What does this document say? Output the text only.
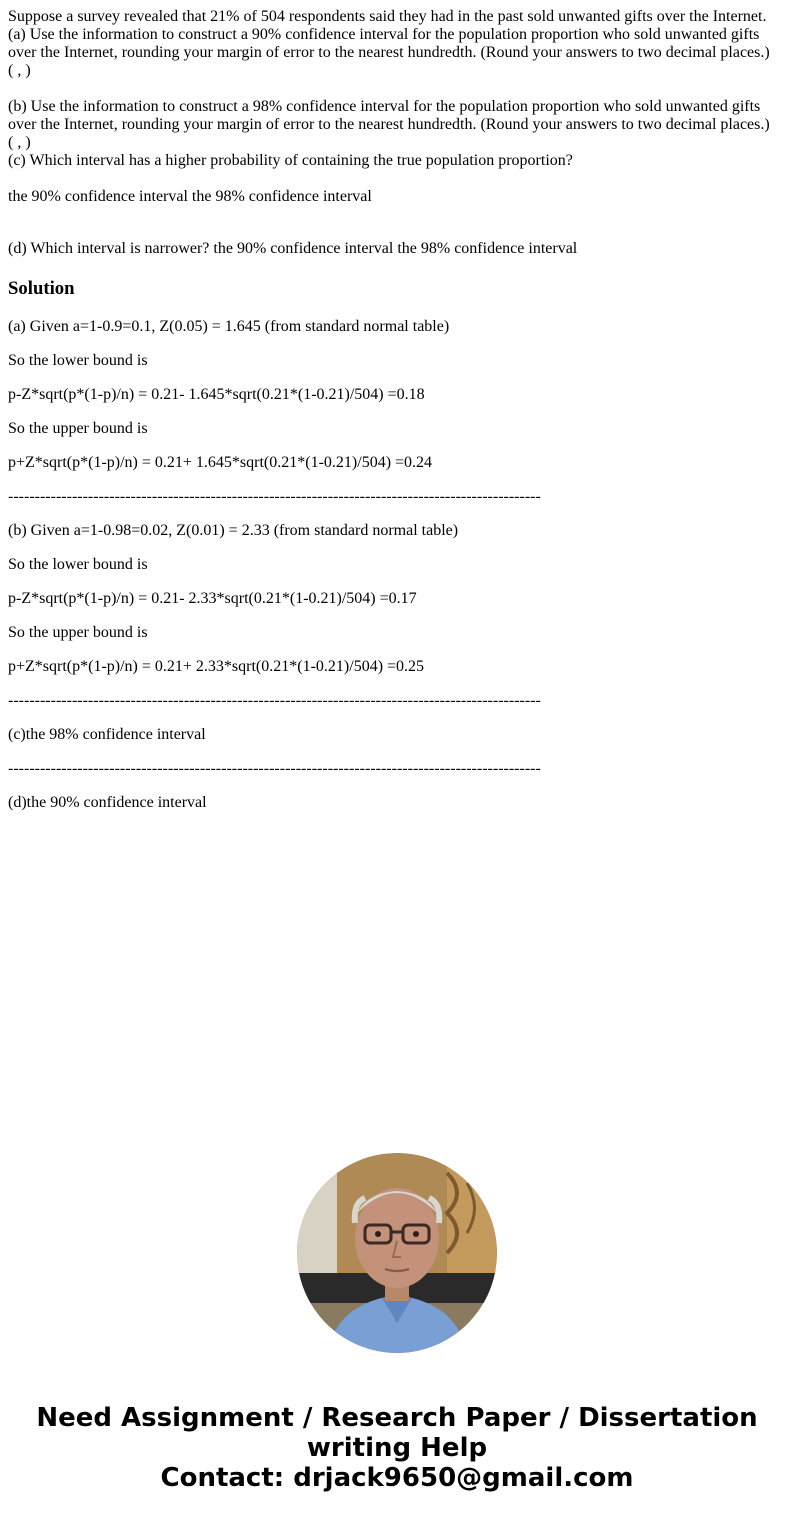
Suppose a survey revealed that 21% of 504 respondents said they had in the past sold unwanted gifts over the Internet.
(a) Use the information to construct a 90% confidence interval for the population proportion who sold unwanted gifts
over the Internet, rounding your margin of error to the nearest hundredth. (Round your answers to two decimal places.)
( , )
(b) Use the information to construct a 98% confidence interval for the population proportion who sold unwanted gifts
over the Internet, rounding your margin of error to the nearest hundredth. (Round your answers to two decimal places.)
( , )
(c) Which interval has a higher probability of containing the true population proportion?
the 90% confidence interval the 98% confidence interval
(d) Which interval is narrower? the 90% confidence interval the 98% confidence interval
Solution

(a) Given a=1-0.9=0.1, Z(0.05) = 1.645 (from standard normal table)

So the lower bound is

p-Z*sqrt(p*(1-p)/n) = 0.21- 1.645*sqrt(0.21*(1-0.21)/504) =0.18

So the upper bound is

p+Z*sqrt(p*(1-p)/n) = 0.21+ 1.645*sqrt(0.21*(1-0.21)/504) =0.24

----------------------------------------------------------------------------------------------------

(b) Given a=1-0.98=0.02, Z(0.01) = 2.33 (from standard normal table)

So the lower bound is

p-Z*sqrt(p*(1-p)/n) = 0.21- 2.33*sqrt(0.21*(1-0.21)/504) =0.17

So the upper bound is

p+Z*sqrt(p*(1-p)/n) = 0.21+ 2.33*sqrt(0.21*(1-0.21)/504) =0.25

----------------------------------------------------------------------------------------------------

(c)the 98% confidence interval

----------------------------------------------------------------------------------------------------

(d)the 90% confidence interval

Need Assignment / Research Paper / Dissertation
writing Help
Contact: drjack9650@gmail.com
